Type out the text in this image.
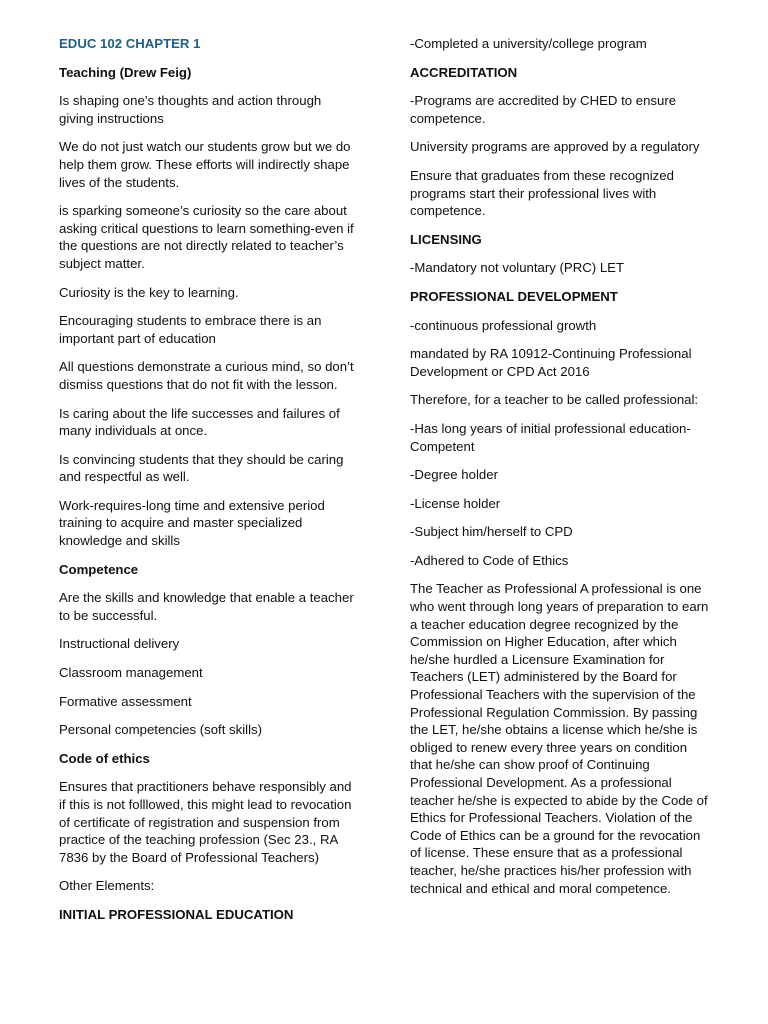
EDUC 102 CHAPTER 1

Teaching (Drew Feig)

Is shaping one’s thoughts and action through giving instructions

We do not just watch our students grow but we do help them grow. These efforts will indirectly shape lives of the students.

is sparking someone’s curiosity so the care about asking critical questions to learn something-even if the questions are not directly related to teacher’s subject matter.

Curiosity is the key to learning.

Encouraging students to embrace there is an important part of education

All questions demonstrate a curious mind, so don’t dismiss questions that do not fit with the lesson.

Is caring about the life successes and failures of many individuals at once.

Is convincing students that they should be caring and respectful as well.

Work-requires-long time and extensive period training to acquire and master specialized knowledge and skills

Competence

Are the skills and knowledge that enable a teacher to be successful.

Instructional delivery

Classroom management

Formative assessment

Personal competencies (soft skills)

Code of ethics

Ensures that practitioners behave responsibly and if this is not folllowed, this might lead to revocation of certificate of registration and suspension from practice of the teaching profession (Sec 23., RA 7836 by the Board of Professional Teachers)

Other Elements:

INITIAL PROFESSIONAL EDUCATION

-Completed a university/college program

ACCREDITATION

-Programs are accredited by CHED to ensure competence.

University programs are approved by a regulatory

Ensure that graduates from these recognized programs start their professional lives with competence.

LICENSING

-Mandatory not voluntary (PRC) LET

PROFESSIONAL DEVELOPMENT

-continuous professional growth

mandated by RA 10912-Continuing Professional Development or CPD Act 2016

Therefore, for a teacher to be called professional:

-Has long years of initial professional education-Competent

-Degree holder

-License holder

-Subject him/herself to CPD

-Adhered to Code of Ethics

The Teacher as Professional A professional is one who went through long years of preparation to earn a teacher education degree recognized by the Commission on Higher Education, after which he/she hurdled a Licensure Examination for Teachers (LET) administered by the Board for Professional Teachers with the supervision of the Professional Regulation Commission. By passing the LET, he/she obtains a license which he/she is obliged to renew every three years on condition that he/she can show proof of Continuing Professional Development. As a professional teacher he/she is expected to abide by the Code of Ethics for Professional Teachers. Violation of the Code of Ethics can be a ground for the revocation of license. These ensure that as a professional teacher, he/she practices his/her profession with technical and ethical and moral competence.
